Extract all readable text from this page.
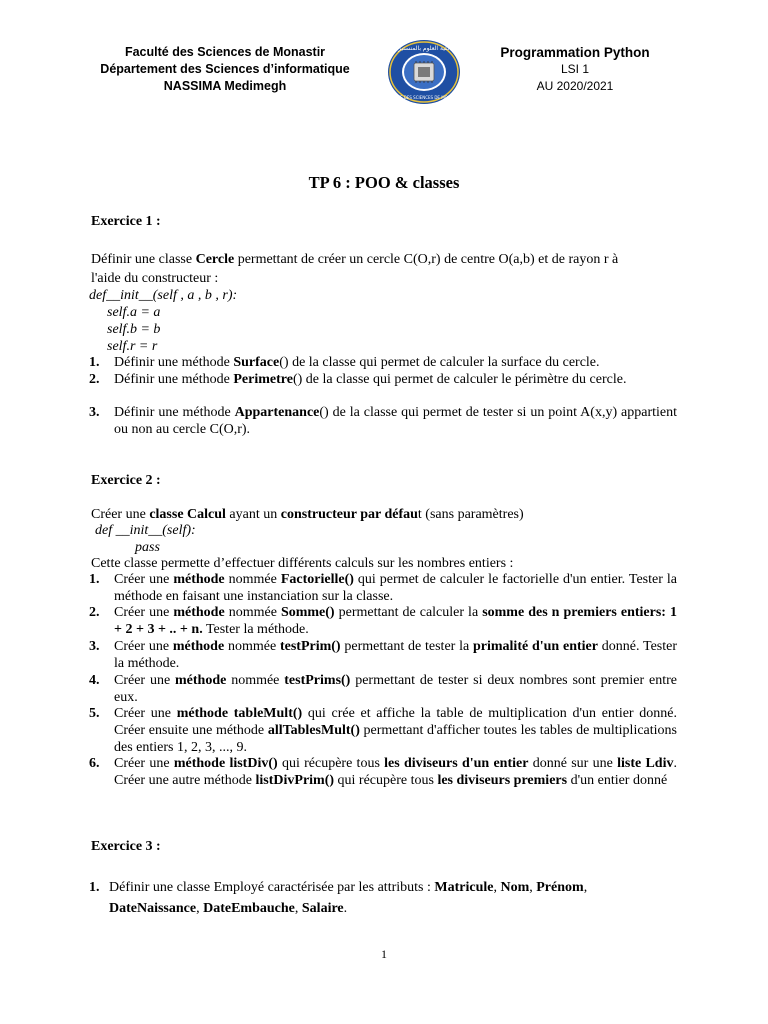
Faculté des Sciences de Monastir
Département des Sciences d’informatique
NASSIMA Medimegh
كلية العلوم بالمنستير
FACULTE DES SCIENCES DE MONASTIR
Programmation Python
LSI 1
AU 2020/2021
TP 6 : POO & classes
Exercice 1 :
Définir une classe Cercle permettant de créer un cercle C(O,r) de centre O(a,b) et de rayon r à
l'aide du constructeur :
def__init__(self , a , b , r):
self.a = a
self.b = b
self.r = r
1. Définir une méthode Surface() de la classe qui permet de calculer la surface du cercle.
2. Définir une méthode Perimetre() de la classe qui permet de calculer le périmètre du cercle.
3. Définir une méthode Appartenance() de la classe qui permet de tester si un point A(x,y) appartient ou non au cercle C(O,r).
Exercice 2 :
Créer une classe Calcul ayant un constructeur par défaut (sans paramètres)
def __init__(self):
pass
Cette classe permette d’effectuer différents calculs sur les nombres entiers :
1. Créer une méthode nommée Factorielle() qui permet de calculer le factorielle d'un entier. Tester la méthode en faisant une instanciation sur la classe.
2. Créer une méthode nommée Somme() permettant de calculer la somme des n premiers entiers: 1 + 2 + 3 + .. + n. Tester la méthode.
3. Créer une méthode nommée testPrim() permettant de tester la primalité d'un entier donné. Tester la méthode.
4. Créer une méthode nommée testPrims() permettant de tester si deux nombres sont premier entre eux.
5. Créer une méthode tableMult() qui crée et affiche la table de multiplication d'un entier donné. Créer ensuite une méthode allTablesMult() permettant d'afficher toutes les tables de multiplications des entiers 1, 2, 3, ..., 9.
6. Créer une méthode listDiv() qui récupère tous les diviseurs d'un entier donné sur une liste Ldiv. Créer une autre méthode listDivPrim() qui récupère tous les diviseurs premiers d'un entier donné
Exercice 3 :
1. Définir une classe Employé caractérisée par les attributs : Matricule, Nom, Prénom,
DateNaissance, DateEmbauche, Salaire.
1
